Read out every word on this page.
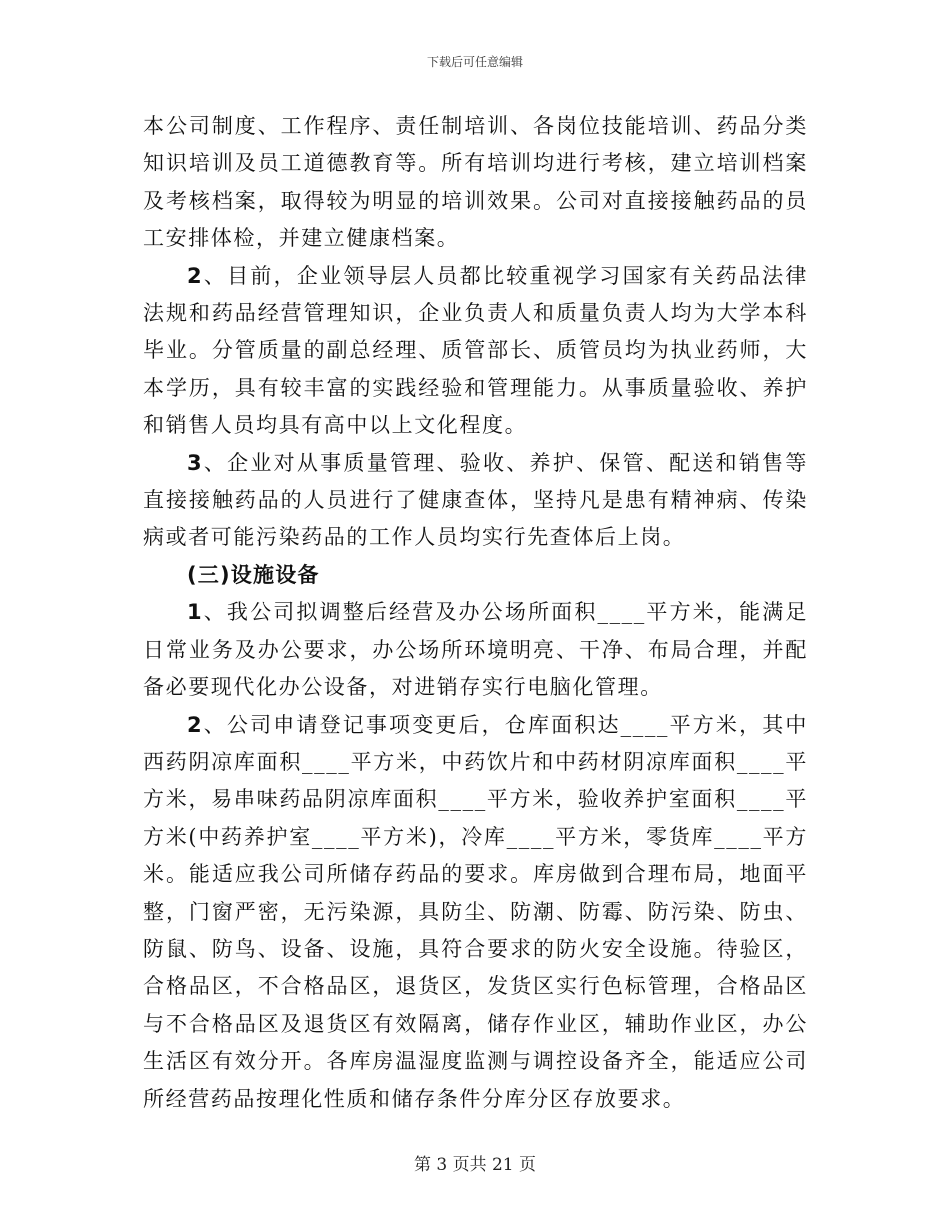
下载后可任意编辑

本公司制度、工作程序、责任制培训、各岗位技能培训、药品分类知识培训及员工道德教育等。所有培训均进行考核，建立培训档案及考核档案，取得较为明显的培训效果。公司对直接接触药品的员工安排体检，并建立健康档案。

2、目前，企业领导层人员都比较重视学习国家有关药品法律法规和药品经营管理知识，企业负责人和质量负责人均为大学本科毕业。分管质量的副总经理、质管部长、质管员均为执业药师，大本学历，具有较丰富的实践经验和管理能力。从事质量验收、养护和销售人员均具有高中以上文化程度。

3、企业对从事质量管理、验收、养护、保管、配送和销售等直接接触药品的人员进行了健康查体，坚持凡是患有精神病、传染病或者可能污染药品的工作人员均实行先查体后上岗。

(三)设施设备

1、我公司拟调整后经营及办公场所面积____平方米，能满足日常业务及办公要求，办公场所环境明亮、干净、布局合理，并配备必要现代化办公设备，对进销存实行电脑化管理。

2、公司申请登记事项变更后，仓库面积达____平方米，其中西药阴凉库面积____平方米，中药饮片和中药材阴凉库面积____平方米，易串味药品阴凉库面积____平方米，验收养护室面积____平方米(中药养护室____平方米)，冷库____平方米，零货库____平方米。能适应我公司所储存药品的要求。库房做到合理布局，地面平整，门窗严密，无污染源，具防尘、防潮、防霉、防污染、防虫、防鼠、防鸟、设备、设施，具符合要求的防火安全设施。待验区，合格品区，不合格品区，退货区，发货区实行色标管理，合格品区与不合格品区及退货区有效隔离，储存作业区，辅助作业区，办公生活区有效分开。各库房温湿度监测与调控设备齐全，能适应公司所经营药品按理化性质和储存条件分库分区存放要求。

第 3 页共 21 页
